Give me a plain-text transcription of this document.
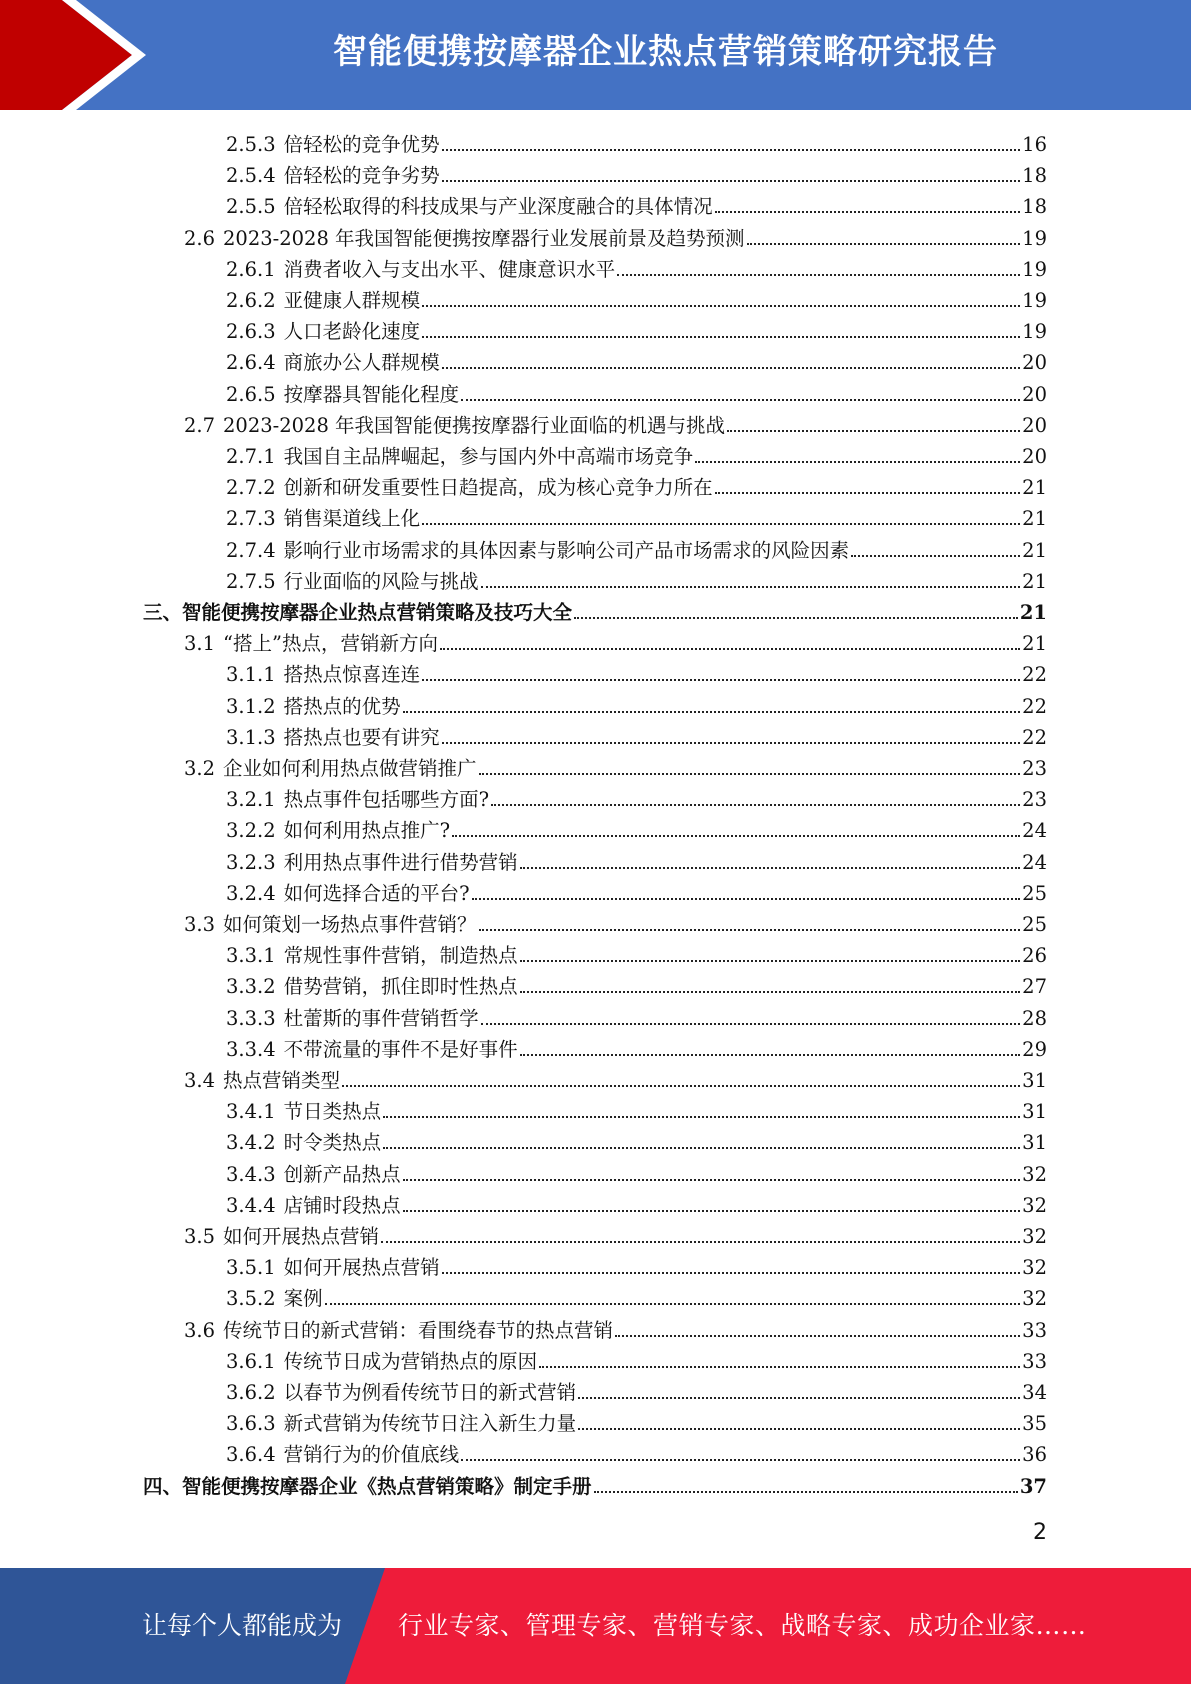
智能便携按摩器企业热点营销策略研究报告
2.5.3 倍轻松的竞争优势	16
2.5.4 倍轻松的竞争劣势	18
2.5.5 倍轻松取得的科技成果与产业深度融合的具体情况	18
2.6 2023-2028 年我国智能便携按摩器行业发展前景及趋势预测	19
2.6.1 消费者收入与支出水平、健康意识水平	19
2.6.2 亚健康人群规模	19
2.6.3 人口老龄化速度	19
2.6.4 商旅办公人群规模	20
2.6.5 按摩器具智能化程度	20
2.7 2023-2028 年我国智能便携按摩器行业面临的机遇与挑战	20
2.7.1 我国自主品牌崛起，参与国内外中高端市场竞争	20
2.7.2 创新和研发重要性日趋提高，成为核心竞争力所在	21
2.7.3 销售渠道线上化	21
2.7.4 影响行业市场需求的具体因素与影响公司产品市场需求的风险因素	21
2.7.5 行业面临的风险与挑战	21
三、 智能便携按摩器企业热点营销策略及技巧大全	21
3.1 “搭上”热点，营销新方向	21
3.1.1 搭热点惊喜连连	22
3.1.2 搭热点的优势	22
3.1.3 搭热点也要有讲究	22
3.2 企业如何利用热点做营销推广	23
3.2.1 热点事件包括哪些方面?	23
3.2.2 如何利用热点推广?	24
3.2.3 利用热点事件进行借势营销	24
3.2.4 如何选择合适的平台?	25
3.3 如何策划一场热点事件营销？	25
3.3.1 常规性事件营销，制造热点	26
3.3.2 借势营销，抓住即时性热点	27
3.3.3 杜蕾斯的事件营销哲学	28
3.3.4 不带流量的事件不是好事件	29
3.4 热点营销类型	31
3.4.1 节日类热点	31
3.4.2 时令类热点	31
3.4.3 创新产品热点	32
3.4.4 店铺时段热点	32
3.5 如何开展热点营销	32
3.5.1 如何开展热点营销	32
3.5.2 案例	32
3.6 传统节日的新式营销：看围绕春节的热点营销	33
3.6.1 传统节日成为营销热点的原因	33
3.6.2 以春节为例看传统节日的新式营销	34
3.6.3 新式营销为传统节日注入新生力量	35
3.6.4 营销行为的价值底线	36
四、 智能便携按摩器企业《热点营销策略》制定手册	37
2
让每个人都能成为 行业专家、管理专家、营销专家、战略专家、成功企业家……
